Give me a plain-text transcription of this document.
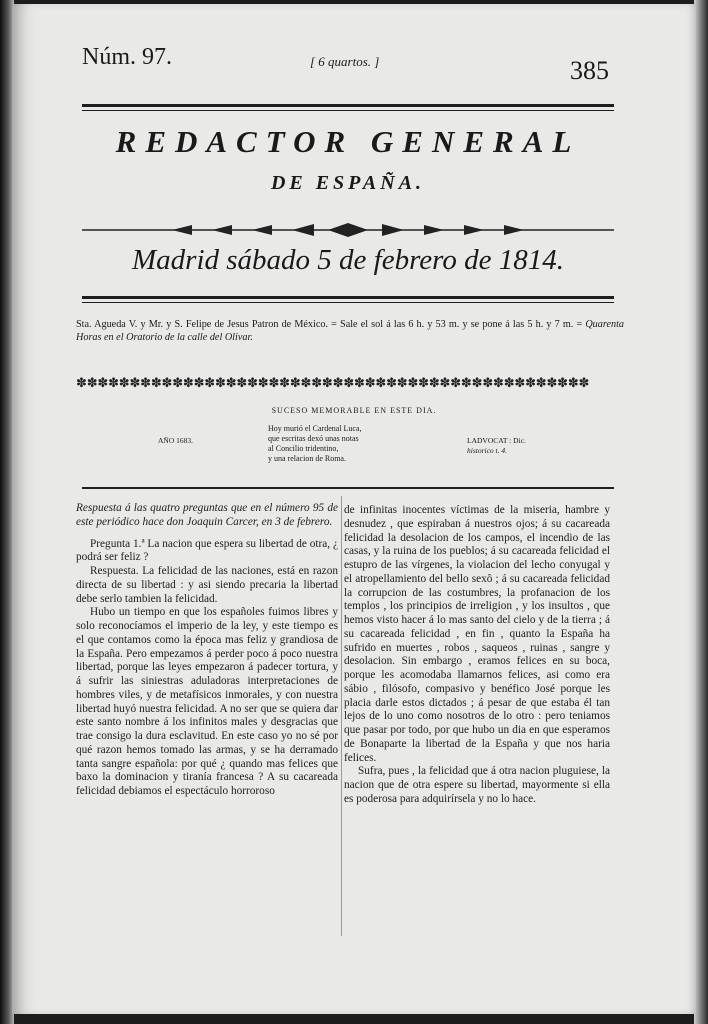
Núm. 97.	[ 6 quartos. ]	385
REDACTOR GENERAL
DE ESPAÑA.
Madrid sábado 5 de febrero de 1814.
Sta. Agueda V. y Mr. y S. Felipe de Jesus Patron de México. = Sale el sol á las 6 h. y 53 m. y se pone á las 5 h. y 7 m. = Quarenta Horas en el Oratorio de la calle del Olivar.
✽✽✽✽✽✽✽✽✽✽✽✽✽✽✽✽✽✽✽✽✽✽✽✽✽✽✽✽✽✽✽✽✽✽✽✽✽✽✽✽✽✽✽✽✽✽✽✽
SUCESO MEMORABLE EN ESTE DIA.
AÑO 1683.
Hoy murió el Cardenal Luca,
que escritas dexó unas notas
al Concilio tridentino,
y una relacion de Roma.
LADVOCAT : Dic.
historico t. 4.

Respuesta á las quatro preguntas que en el número 95 de este periódico hace don Joaquin Carcer, en 3 de febrero.

Pregunta 1.ª La nacion que espera su libertad de otra, ¿ podrá ser feliz ?

Respuesta. La felicidad de las naciones, está en razon directa de su libertad : y asi siendo precaria la libertad debe serlo tambien la felicidad.

Hubo un tiempo en que los españoles fuimos libres y solo reconocíamos el imperio de la ley, y este tiempo es el que contamos como la época mas feliz y grandiosa de la España. Pero empezamos á perder poco á poco nuestra libertad, porque las leyes empezaron á padecer tortura, y á sufrir las siniestras aduladoras interpretaciones de hombres viles, y de metafísicos inmorales, y con nuestra libertad huyó nuestra felicidad. A no ser que se quiera dar este santo nombre á los infinitos males y desgracias que trae consigo la dura esclavitud. En este caso yo no sé por qué razon hemos tomado las armas, y se ha derramado tanta sangre española: por qué ¿ quando mas felices que baxo la dominacion y tiranía francesa ? A su cacareada felicidad debiamos el espectáculo horroroso

de infinitas inocentes víctimas de la miseria, hambre y desnudez , que espiraban á nuestros ojos; á su cacareada felicidad la desolacion de los campos, el incendio de las casas, y la ruina de los pueblos; á su cacareada felicidad el estupro de las vírgenes, la violacion del lecho conyugal y el atropellamiento del bello sexô ; á su cacareada felicidad la corrupcion de las costumbres, la profanacion de los templos , los principios de irreligion , y los insultos , que hemos visto hacer á lo mas santo del cielo y de la tierra ; á su cacareada felicidad , en fin , quanto la España ha sufrido en muertes , robos , saqueos , ruinas , sangre y desolacion. Sin embargo , eramos felices en su boca, porque les acomodaba llamarnos felices, asi como era sábio , filósofo, compasivo y benéfico José porque les placia darle estos dictados ; á pesar de que estaba él tan lejos de lo uno como nosotros de lo otro : pero teniamos que pasar por todo, por que hubo un dia en que esperamos de Bonaparte la libertad de la España y que nos haria felices.

Sufra, pues , la felicidad que á otra nacion pluguiese, la nacion que de otra espere su libertad, mayormente si ella es poderosa para adquirírsela y no lo hace.
